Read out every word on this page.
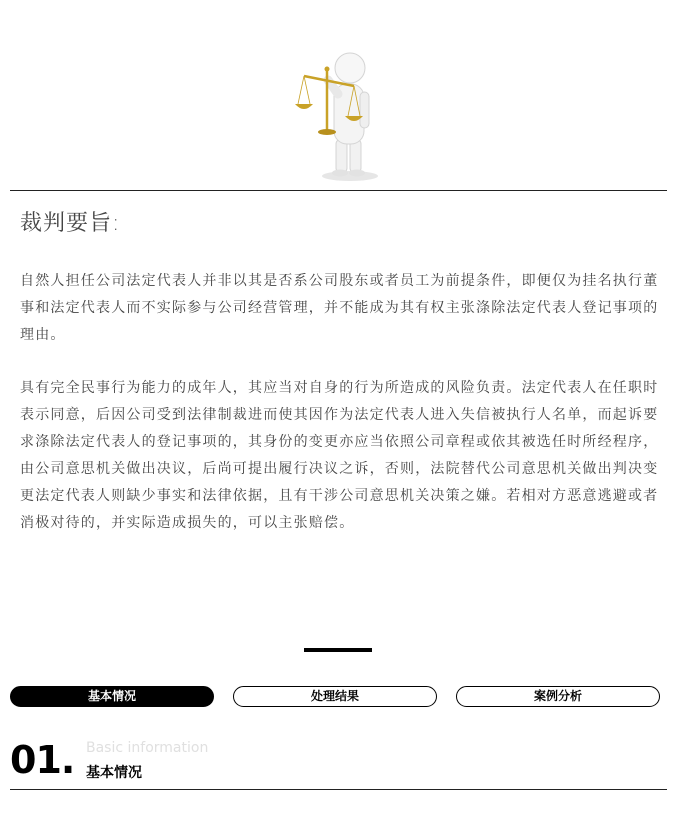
裁判要旨:

自然人担任公司法定代表人并非以其是否系公司股东或者员工为前提条件，即便仅为挂名执行董事和法定代表人而不实际参与公司经营管理，并不能成为其有权主张涤除法定代表人登记事项的理由。

具有完全民事行为能力的成年人，其应当对自身的行为所造成的风险负责。法定代表人在任职时表示同意，后因公司受到法律制裁进而使其因作为法定代表人进入失信被执行人名单，而起诉要求涤除法定代表人的登记事项的，其身份的变更亦应当依照公司章程或依其被选任时所经程序，由公司意思机关做出决议，后尚可提出履行决议之诉，否则，法院替代公司意思机关做出判决变更法定代表人则缺少事实和法律依据，且有干涉公司意思机关决策之嫌。若相对方恶意逃避或者消极对待的，并实际造成损失的，可以主张赔偿。

基本情况	处理结果	案例分析
01. Basic information
基本情况
